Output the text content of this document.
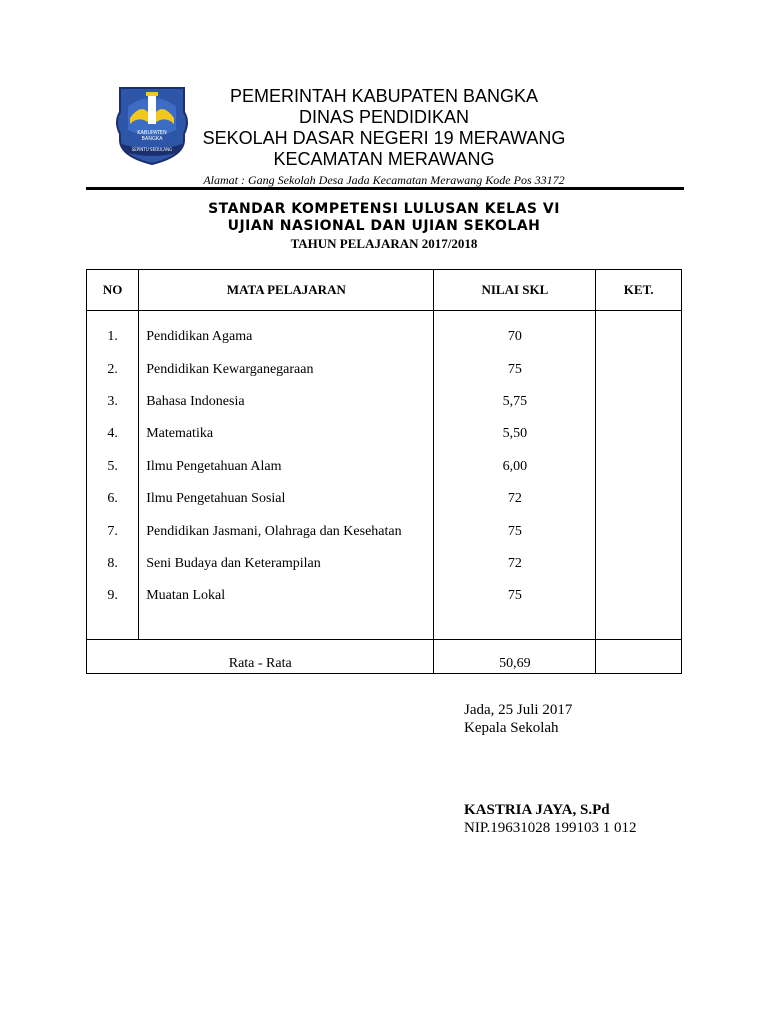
KABUPATEN
BANGKA
SEPINTU SEDULANG
PEMERINTAH KABUPATEN BANGKA
DINAS PENDIDIKAN
SEKOLAH DASAR NEGERI 19 MERAWANG
KECAMATAN MERAWANG
Alamat : Gang Sekolah Desa Jada Kecamatan Merawang Kode Pos 33172
STANDAR KOMPETENSI LULUSAN KELAS VI
UJIAN NASIONAL DAN UJIAN SEKOLAH
TAHUN PELAJARAN 2017/2018
NO	MATA PELAJARAN	NILAI SKL	KET.
1.	Pendidikan Agama	70	
2.	Pendidikan Kewarganegaraan	75	
3.	Bahasa Indonesia	5,75	
4.	Matematika	5,50	
5.	Ilmu Pengetahuan Alam	6,00	
6.	Ilmu Pengetahuan Sosial	72	
7.	Pendidikan Jasmani, Olahraga dan Kesehatan	75	
8.	Seni Budaya dan Keterampilan	72	
9.	Muatan Lokal	75	

Rata - Rata		50,69	
Jada, 25 Juli 2017
Kepala Sekolah
KASTRIA JAYA, S.Pd
NIP.19631028 199103 1 012
